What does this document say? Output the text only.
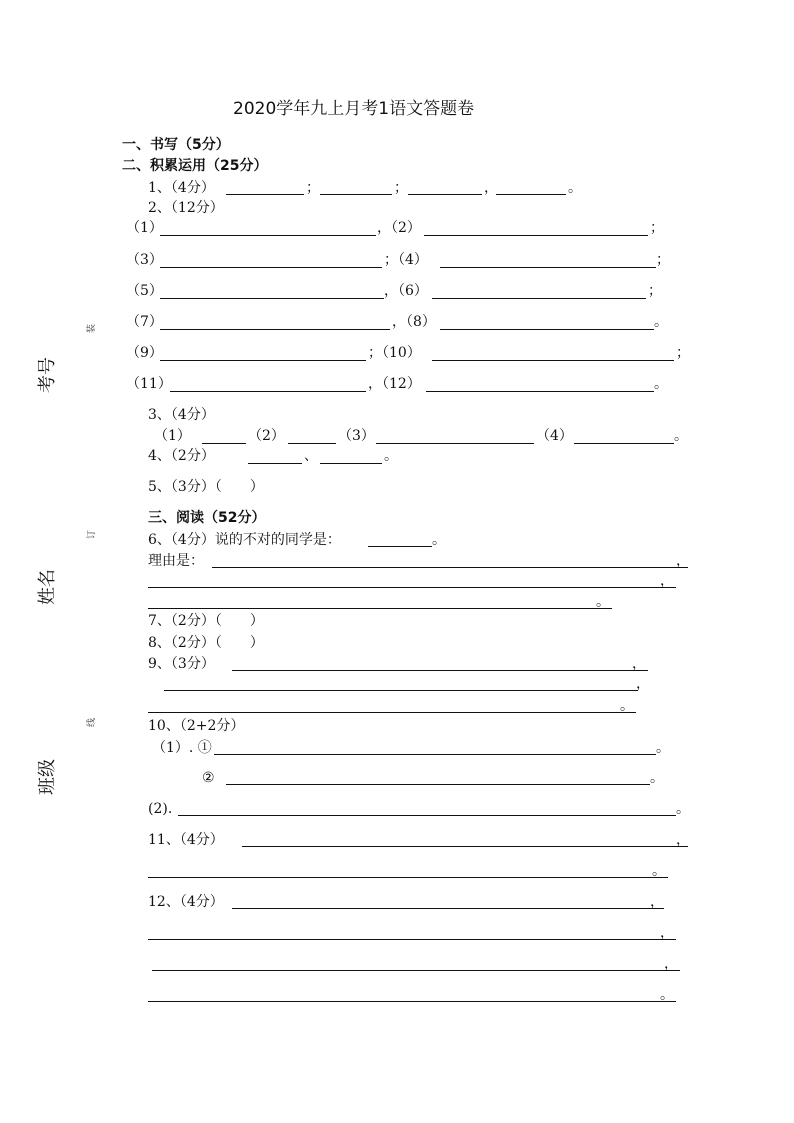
2020学年九上月考1语文答题卷
考号
姓名
班级
装
订
线
一、书写（5分）
二、积累运用（25分）
1、（4分）	；	；	，	。
2、（12分）
（1）	，（2）	；
（3）	；（4）	；
（5）	，（6）	；
（7）	，（8）	。
（9）	；（10）	；
（11）	，（12）	。
3、（4分）
（1）	（2）	（3）	（4）	。
4、（2分）	、	。
5、（3分）（　　）
三、阅读（52分）
6、（4分）说的不对的同学是：	。
理由是：	，
，
。
7、（2分）（　　）
8、（2分）（　　）
9、（3分）	，
，
。
10、（2+2分）
（1）. ①	。
②	。
(2).	。
11、（4分）	，
。
12、（4分）	，
，
，
。
